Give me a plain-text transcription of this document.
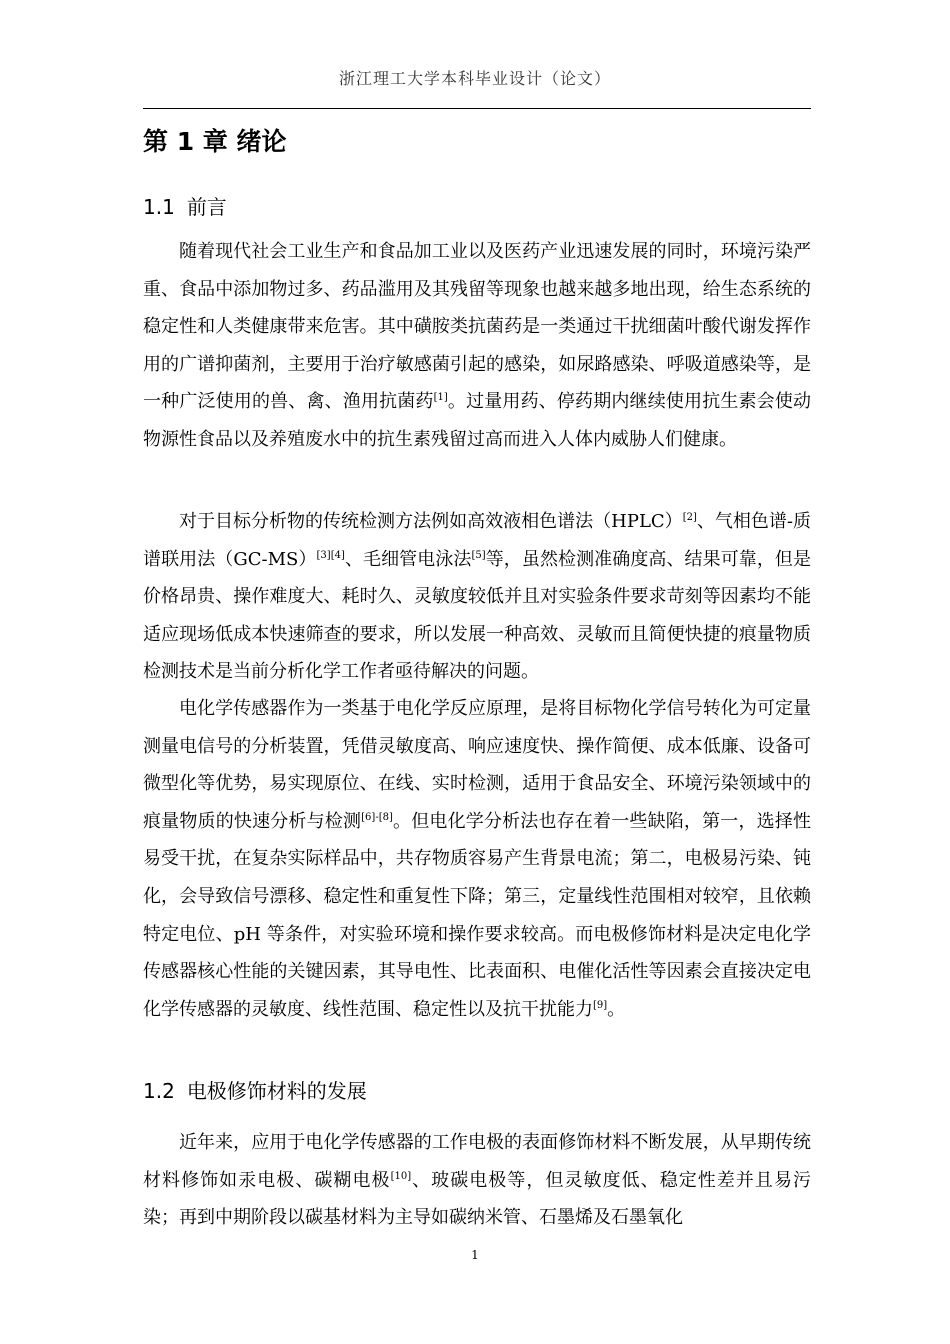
浙江理工大学本科毕业设计（论文）
第 1 章 绪论
1.1 前言

随着现代社会工业生产和食品加工业以及医药产业迅速发展的同时，环境污染严重、食品中添加物过多、药品滥用及其残留等现象也越来越多地出现，给生态系统的稳定性和人类健康带来危害。其中磺胺类抗菌药是一类通过干扰细菌叶酸代谢发挥作用的广谱抑菌剂，主要用于治疗敏感菌引起的感染，如尿路感染、呼吸道感染等，是一种广泛使用的兽、禽、渔用抗菌药[1]。过量用药、停药期内继续使用抗生素会使动物源性食品以及养殖废水中的抗生素残留过高而进入人体内威胁人们健康。

对于目标分析物的传统检测方法例如高效液相色谱法（HPLC）[2]、气相色谱-质谱联用法（GC-MS）[3][4]、毛细管电泳法[5]等，虽然检测准确度高、结果可靠，但是价格昂贵、操作难度大、耗时久、灵敏度较低并且对实验条件要求苛刻等因素均不能适应现场低成本快速筛查的要求，所以发展一种高效、灵敏而且简便快捷的痕量物质检测技术是当前分析化学工作者亟待解决的问题。

电化学传感器作为一类基于电化学反应原理，是将目标物化学信号转化为可定量测量电信号的分析装置，凭借灵敏度高、响应速度快、操作简便、成本低廉、设备可微型化等优势，易实现原位、在线、实时检测，适用于食品安全、环境污染领域中的痕量物质的快速分析与检测[6]-[8]。但电化学分析法也存在着一些缺陷，第一，选择性易受干扰，在复杂实际样品中，共存物质容易产生背景电流；第二，电极易污染、钝化，会导致信号漂移、稳定性和重复性下降；第三，定量线性范围相对较窄，且依赖特定电位、pH 等条件，对实验环境和操作要求较高。而电极修饰材料是决定电化学传感器核心性能的关键因素，其导电性、比表面积、电催化活性等因素会直接决定电化学传感器的灵敏度、线性范围、稳定性以及抗干扰能力[9]。

1.2 电极修饰材料的发展

近年来，应用于电化学传感器的工作电极的表面修饰材料不断发展，从早期传统材料修饰如汞电极、碳糊电极[10]、玻碳电极等，但灵敏度低、稳定性差并且易污染；再到中期阶段以碳基材料为主导如碳纳米管、石墨烯及石墨氧化

1
